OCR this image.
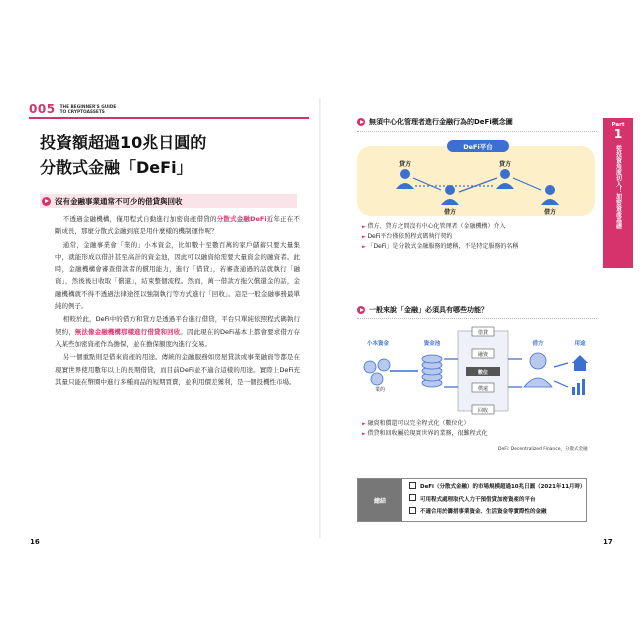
005 THE BEGINNER'S GUIDE TO CRYPTOASSETS
投資額超過10兆日圓的
分散式金融「DeFi」
沒有金融事業通常不可少的借貸與回收

不透過金融機構，僅用程式自動進行加密資產借貸的分散式金融DeFi近年正在不斷成長，那麼分散式金融到底是用什麼樣的機制運作呢？

通常，金融事業會「業的」小本資金，比如數十至數百萬的家戶儲蓄只要大量集中，就能形成以借計甚至高計的資金池，因此可以融資給需要大量資金的融資者。此時，金融機構會審查借款者的償用能力，進行「借貸」，若審查通過的話就執行「融資」，然後後日收取「償還」，結束整個流程。然而，萬一借款方拖欠償還金的話，金融機構就不得不透過法律途徑以強制執行等方式進行「回收」。這是一般金融事務最單純的例子。

相較於此，DeFi中的借方和貸方是透過平台進行借貸，平台只單純依照程式碼執行契約，無法像金融機構那樣進行借貸和回收。因此現在的DeFi基本上都會要求借方存入某些加密資產作為擔保，並在擔保額度內進行交易。

另一個重點則是借來資產的用途。傳統的金融服務如房屋貸款或事業融資等都是在現實世界使用數年以上的長期借貸，而目前DeFi並不適合這樣的用途。實際上DeFi充其量只能在幣圈中進行多種商品的短期買賣，並利用價差獲利，是一個投機性市場。

16
Part
1
從投資角度切入！加密資產基礎
無須中心化管理者進行金融行為的DeFi概念圖
DeFi平台
貸方
借方
貸方
借方
► 借方、貸方之間沒有中心化管理者（金融機構）介入
► DeFi平台僅依照程式碼執行契約
► 「DeFi」是分散式金融服務的總稱，不是特定服務的名稱
一般來說「金融」必須具有哪些功能？
小本資金	資金池	借方	用途
業的
借貸
融資
數位
償還
回收
► 融資和償還可以完全程式化（數位化）
► 借貸和回收屬於現實世界的業務，很難程式化
DeFi: Decentralized Finance，分散式金融
總結
DeFi（分散式金融）的市場規模超過10兆日圓（2021年11月時）
可用程式處理取代人力干預借貸加密資產的平台
不適合用於籌措事業資金、生活資金等實際性的金融
17
